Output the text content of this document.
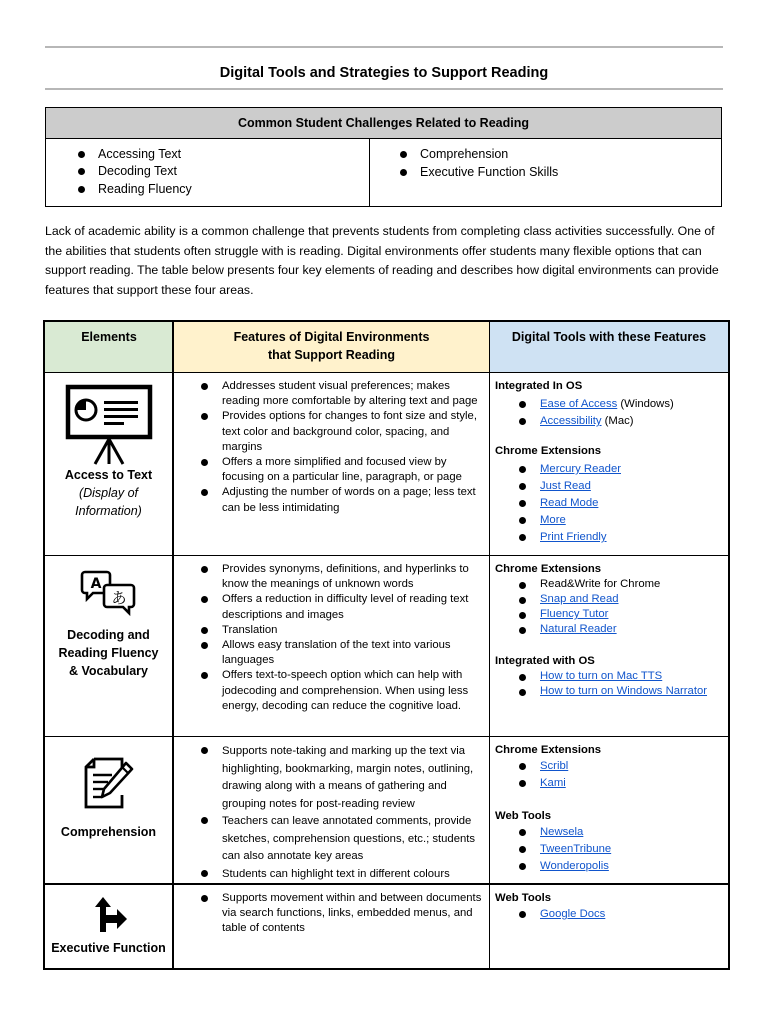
Digital Tools and Strategies to Support Reading
Common Student Challenges Related to Reading
Accessing Text
Decoding Text
Reading Fluency
Comprehension
Executive Function Skills
Lack of academic ability is a common challenge that prevents students from completing class activities successfully. One of the abilities that students often struggle with is reading. Digital environments offer students many flexible options that can support reading. The table below presents four key elements of reading and describes how digital environments can provide features that support these four areas.
Elements	Features of Digital Environments
that Support Reading
Digital Tools with these Features
Access to Text
(Display of
Information)
Addresses student visual preferences; makes reading more comfortable by altering text and page
Provides options for changes to font size and style, text color and background color, spacing, and margins
Offers a more simplified and focused view by focusing on a particular line, paragraph, or page
Adjusting the number of words on a page; less text can be less intimidating
Integrated In OS
Ease of Access (Windows)
Accessibility (Mac)
Chrome Extensions
Mercury Reader
Just Read
Read Mode
More
Print Friendly
A
あ
Decoding and
Reading Fluency
& Vocabulary
Provides synonyms, definitions, and hyperlinks to know the meanings of unknown words
Offers a reduction in difficulty level of reading text descriptions and images
Translation
Allows easy translation of the text into various languages
Offers text-to-speech option which can help with jodecoding and comprehension. When using less energy, decoding can reduce the cognitive load.
Chrome Extensions
Read&Write for Chrome
Snap and Read
Fluency Tutor
Natural Reader
Integrated with OS
How to turn on Mac TTS
How to turn on Windows Narrator
Comprehension
Supports note-taking and marking up the text via highlighting, bookmarking, margin notes, outlining, drawing along with a means of gathering and grouping notes for post-reading review
Teachers can leave annotated comments, provide sketches, comprehension questions, etc.; students can also annotate key areas
Students can highlight text in different colours
Chrome Extensions
Scribl
Kami
Web Tools
Newsela
TweenTribune
Wonderopolis
Executive Function
Supports movement within and between documents via search functions, links, embedded menus, and table of contents
Web Tools
Google Docs
